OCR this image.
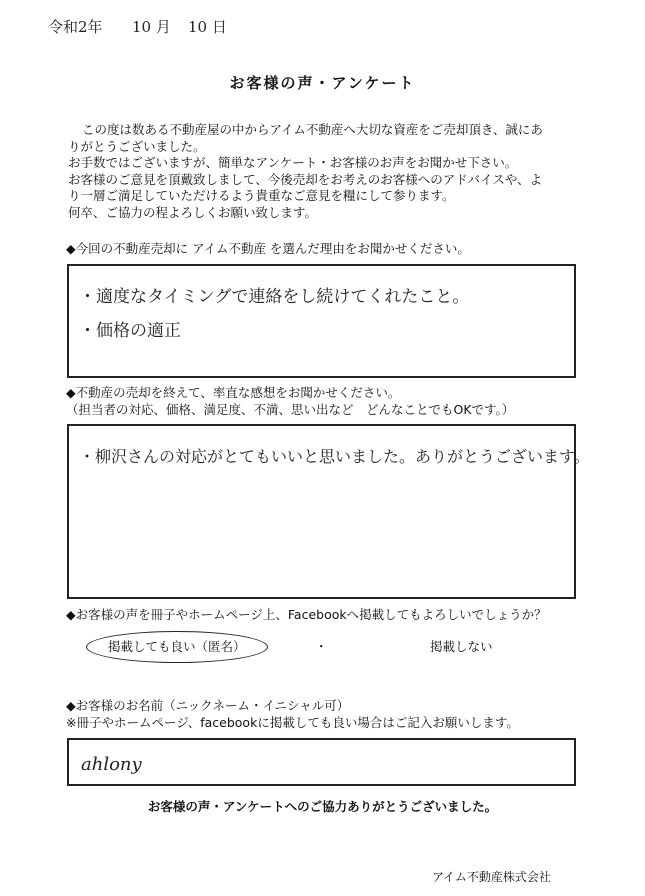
令和2年 10 月 10 日
お客様の声・アンケート

この度は数ある不動産屋の中からアイム不動産へ大切な資産をご売却頂き、誠にあ

りがとうございました。

お手数ではございますが、簡単なアンケート・お客様のお声をお聞かせ下さい。

お客様のご意見を頂戴致しまして、今後売却をお考えのお客様へのアドバイスや、よ

り一層ご満足していただけるよう貴重なご意見を糧にして参ります。

何卒、ご協力の程よろしくお願い致します。

◆今回の不動産売却に アイム不動産 を選んだ理由をお聞かせください。
・適度なタイミングで連絡をし続けてくれたこと。
・価格の適正
◆不動産の売却を終えて、率直な感想をお聞かせください。
（担当者の対応、価格、満足度、不満、思い出など　どんなことでもOKです。）
・柳沢さんの対応がとてもいいと思いました。ありがとうございます。
◆お客様の声を冊子やホームページ上、Facebookへ掲載してもよろしいでしょうか？
掲載しても良い（匿名）	・	掲載しない
◆お客様のお名前（ニックネーム・イニシャル可）
※冊子やホームページ、facebookに掲載しても良い場合はご記入お願いします。
ahlony
お客様の声・アンケートへのご協力ありがとうございました。
アイム不動産株式会社
